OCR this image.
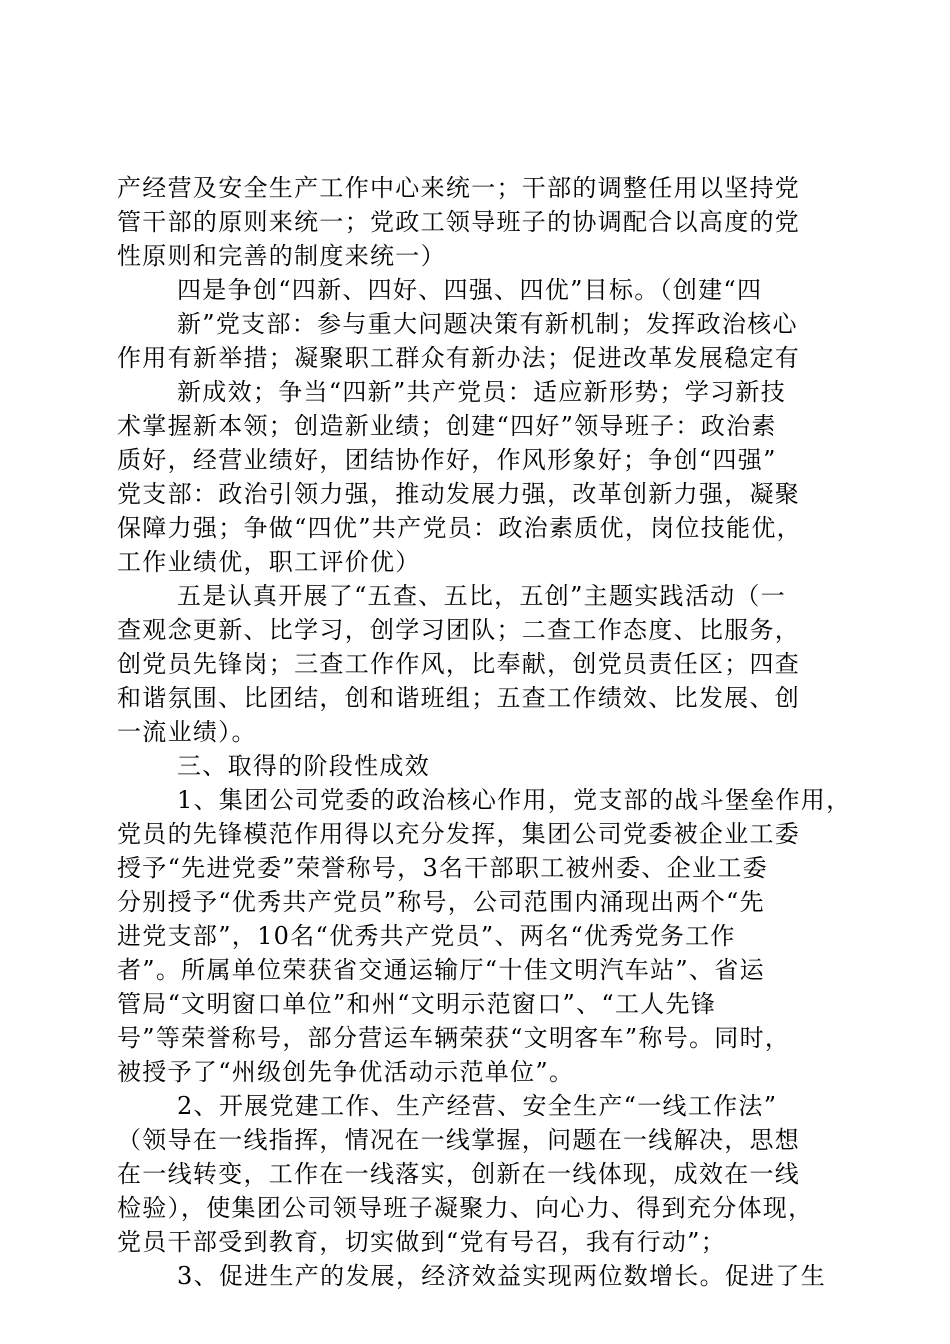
产经营及安全生产工作中心来统一；干部的调整任用以坚持党
管干部的原则来统一；党政工领导班子的协调配合以高度的党
性原则和完善的制度来统一）
四是争创“四新、四好、四强、四优”目标。（创建“四
新”党支部：参与重大问题决策有新机制；发挥政治核心
作用有新举措；凝聚职工群众有新办法；促进改革发展稳定有
新成效；争当“四新”共产党员：适应新形势；学习新技
术掌握新本领；创造新业绩；创建“四好”领导班子：政治素
质好，经营业绩好，团结协作好，作风形象好；争创“四强”
党支部：政治引领力强，推动发展力强，改革创新力强，凝聚
保障力强；争做“四优”共产党员：政治素质优，岗位技能优，
工作业绩优，职工评价优）
五是认真开展了“五查、五比，五创”主题实践活动（一
查观念更新、比学习，创学习团队；二查工作态度、比服务，
创党员先锋岗；三查工作作风，比奉献，创党员责任区；四查
和谐氛围、比团结，创和谐班组；五查工作绩效、比发展、创
一流业绩）。
三、取得的阶段性成效
1、集团公司党委的政治核心作用，党支部的战斗堡垒作用，
党员的先锋模范作用得以充分发挥，集团公司党委被企业工委
授予“先进党委”荣誉称号，3名干部职工被州委、企业工委
分别授予“优秀共产党员”称号，公司范围内涌现出两个“先
进党支部”，10名“优秀共产党员”、两名“优秀党务工作
者”。所属单位荣获省交通运输厅“十佳文明汽车站”、省运
管局“文明窗口单位”和州“文明示范窗口”、“工人先锋
号”等荣誉称号，部分营运车辆荣获“文明客车”称号。同时，
被授予了“州级创先争优活动示范单位”。
2、开展党建工作、生产经营、安全生产“一线工作法”
（领导在一线指挥，情况在一线掌握，问题在一线解决，思想
在一线转变，工作在一线落实，创新在一线体现，成效在一线
检验），使集团公司领导班子凝聚力、向心力、得到充分体现，
党员干部受到教育，切实做到“党有号召，我有行动”；
3、促进生产的发展，经济效益实现两位数增长。促进了生
